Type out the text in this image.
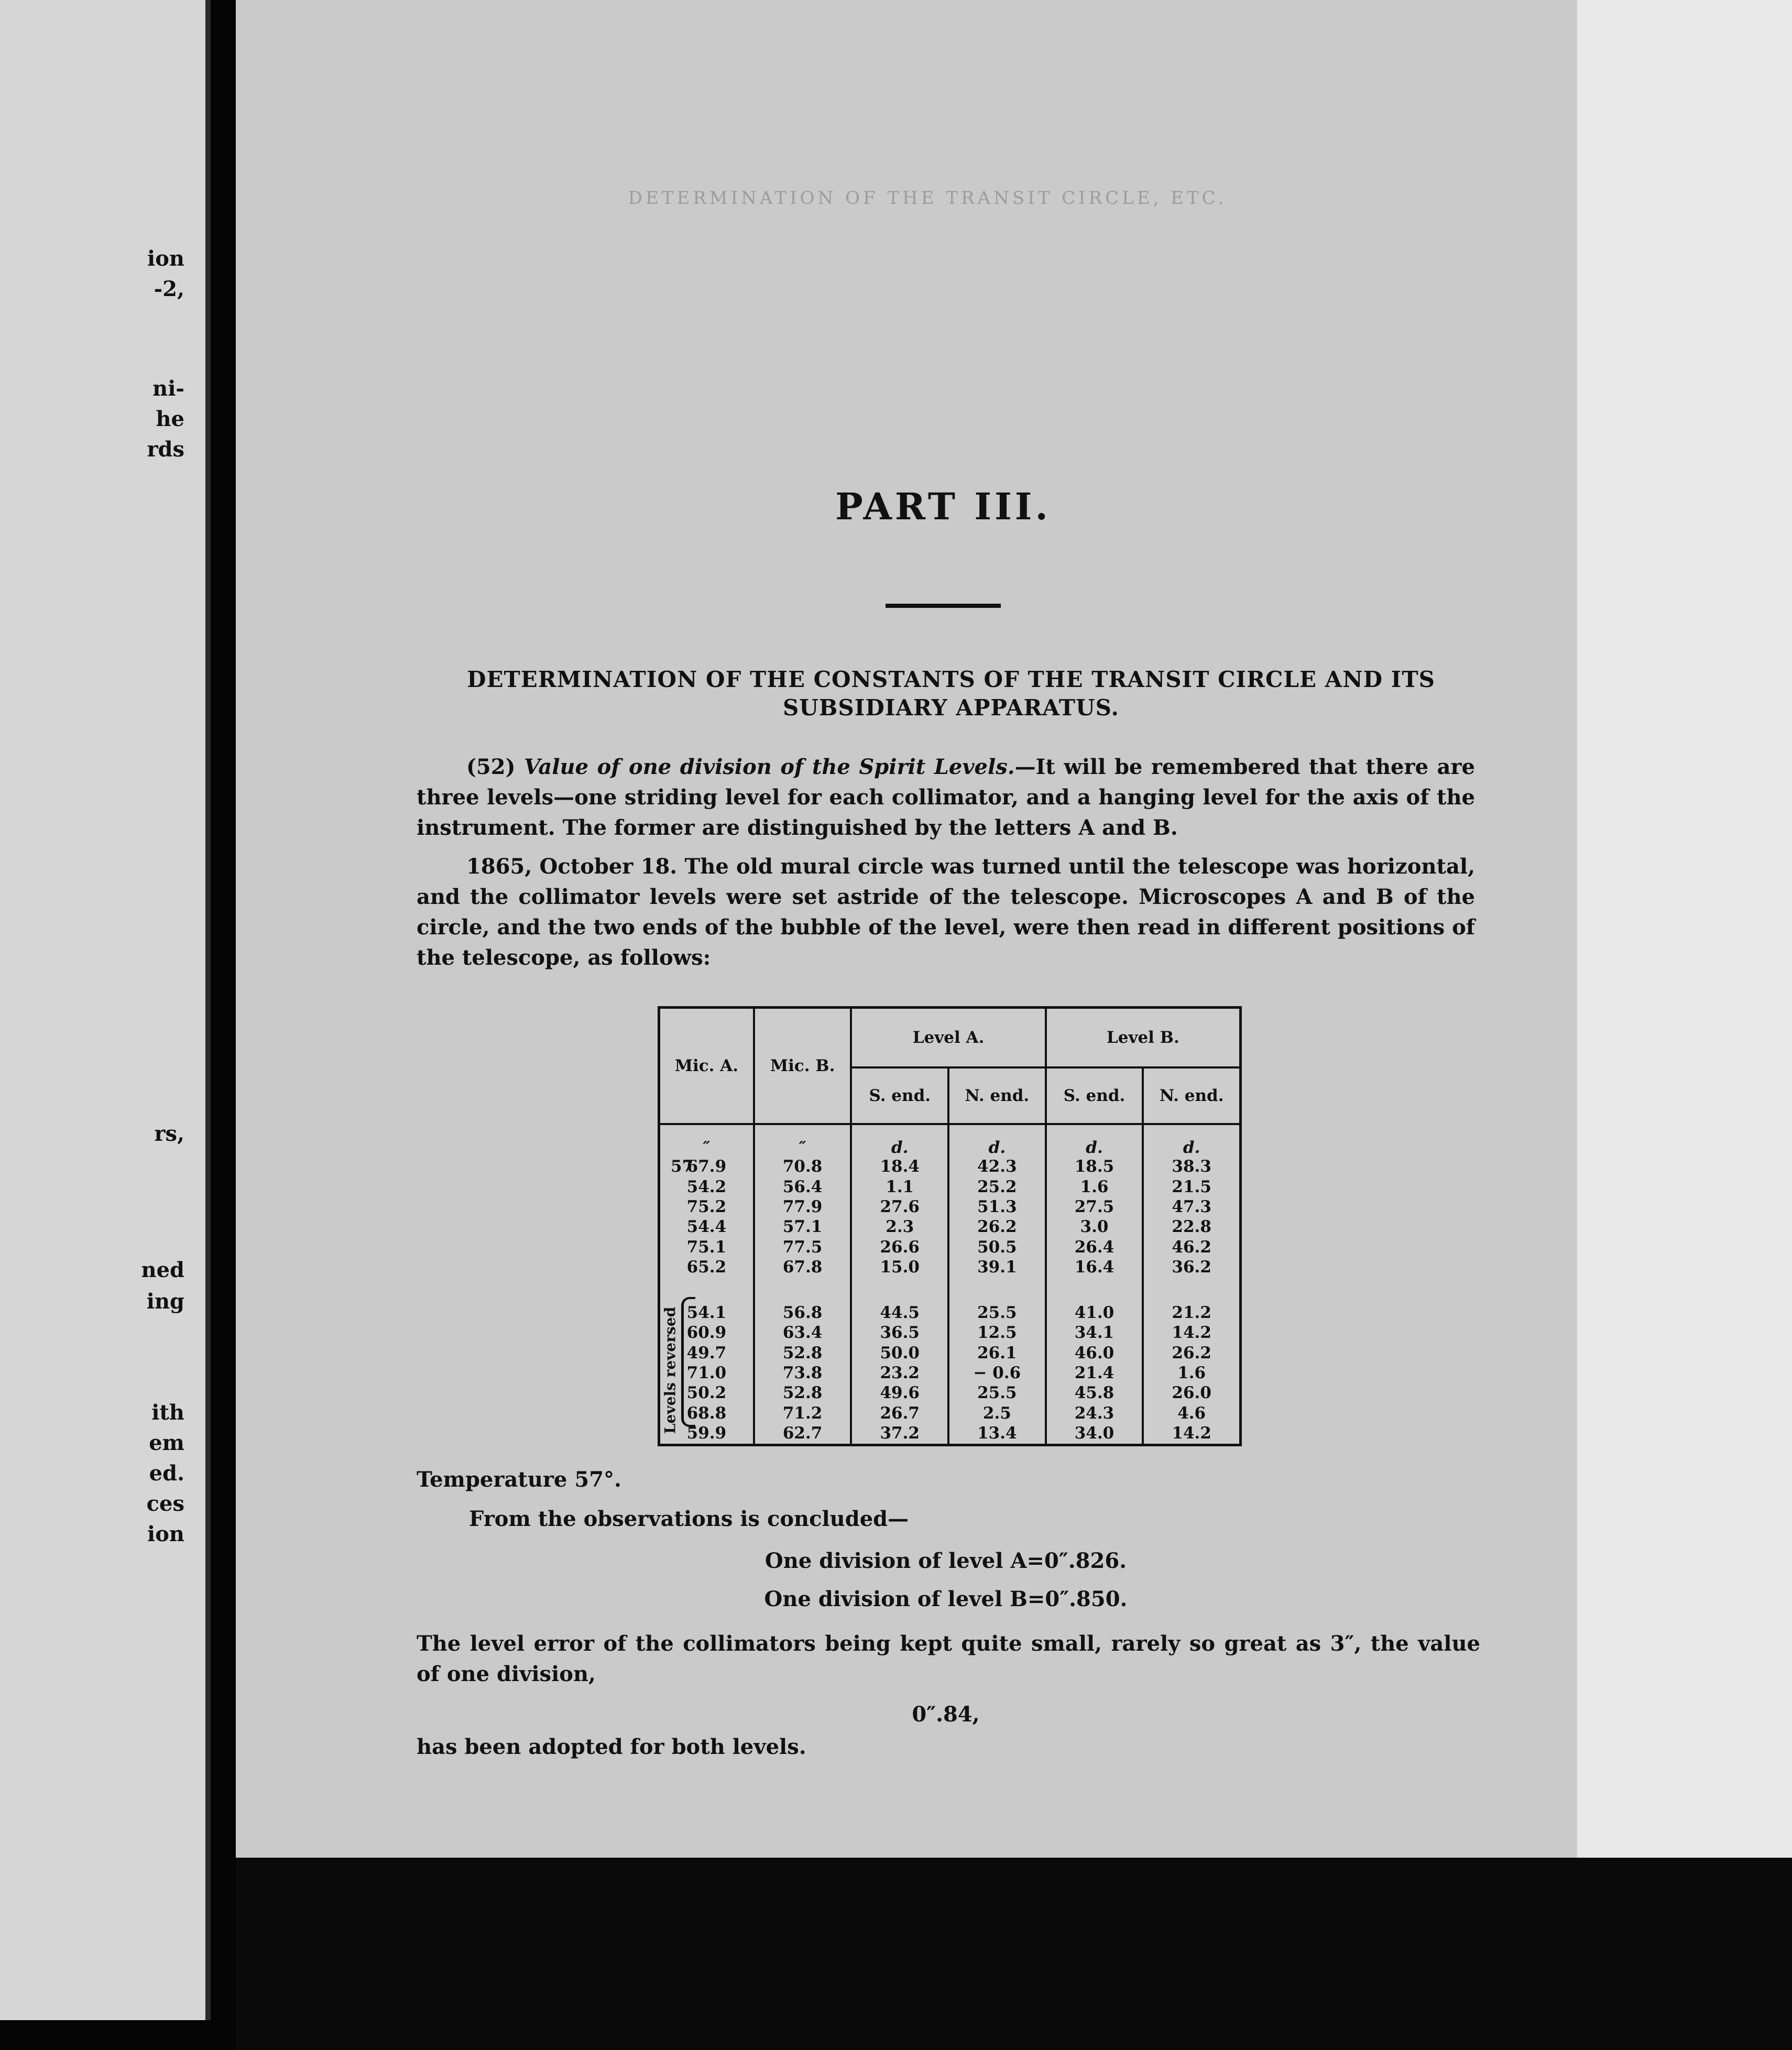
ion
-2,
ni-
he
rds
rs,
ned
ing
ith
em
ed.
ces
ion
DETERMINATION OF THE TRANSIT CIRCLE, ETC.
PART III.
DETERMINATION OF THE CONSTANTS OF THE TRANSIT CIRCLE AND ITS SUBSIDIARY APPARATUS.

(52) Value of one division of the Spirit Levels.—It will be remembered that there are three levels—one striding level for each collimator, and a hanging level for the axis of the instrument. The former are distinguished by the letters A and B.

1865, October 18. The old mural circle was turned until the telescope was horizontal, and the collimator levels were set astride of the telescope. Microscopes A and B of the circle, and the two ends of the bubble of the level, were then read in different positions of the telescope, as follows:

Mic. A.	Mic. B.	Level A.		Level B.	
		S. end.	N. end.	S. end.	N. end.

″	″	d.	d.	d.	d.

57
67.9	70.8	18.4	42.3	18.5	38.3
54.2	56.4	1.1	25.2	1.6	21.5
75.2	77.9	27.6	51.3	27.5	47.3
54.4	57.1	2.3	26.2	3.0	22.8
75.1	77.5	26.6	50.5	26.4	46.2
65.2	67.8	15.0	39.1	16.4	36.2

54.1	56.8	44.5	25.5	41.0	21.2
60.9	63.4	36.5	12.5	34.1	14.2
49.7	52.8	50.0	26.1	46.0	26.2
71.0	73.8	23.2	− 0.6	21.4	1.6
50.2	52.8	49.6	25.5	45.8	26.0
68.8	71.2	26.7	2.5	24.3	4.6
59.9	62.7	37.2	13.4	34.0	14.2
Levels reversed
Temperature 57°.
From the observations is concluded—
One division of level A=0″.826.
One division of level B=0″.850.

The level error of the collimators being kept quite small, rarely so great as 3″, the value of one division,

0″.84,
has been adopted for both levels.
